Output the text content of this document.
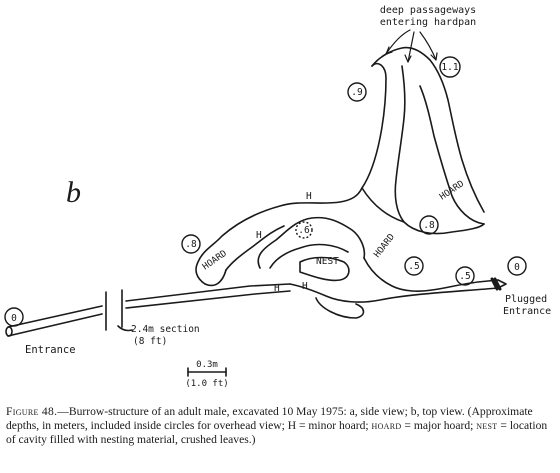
b
deep passageways
entering hardpan
1.1
.9
.8
.6	.8
.5
.5
0
0
HOARD
HOARD
HOARD
H
H
H H
NEST
Entrance
Plugged
Entrance
2.4m section
(8 ft)
0.3m
(1.0 ft)
Figure 48.—Burrow-structure of an adult male, excavated 10 May 1975: a, side view; b, top view. (Approximate depths, in meters, included inside circles for overhead view; H = minor hoard; hoard = major hoard; nest = location of cavity filled with nesting material, crushed leaves.)
